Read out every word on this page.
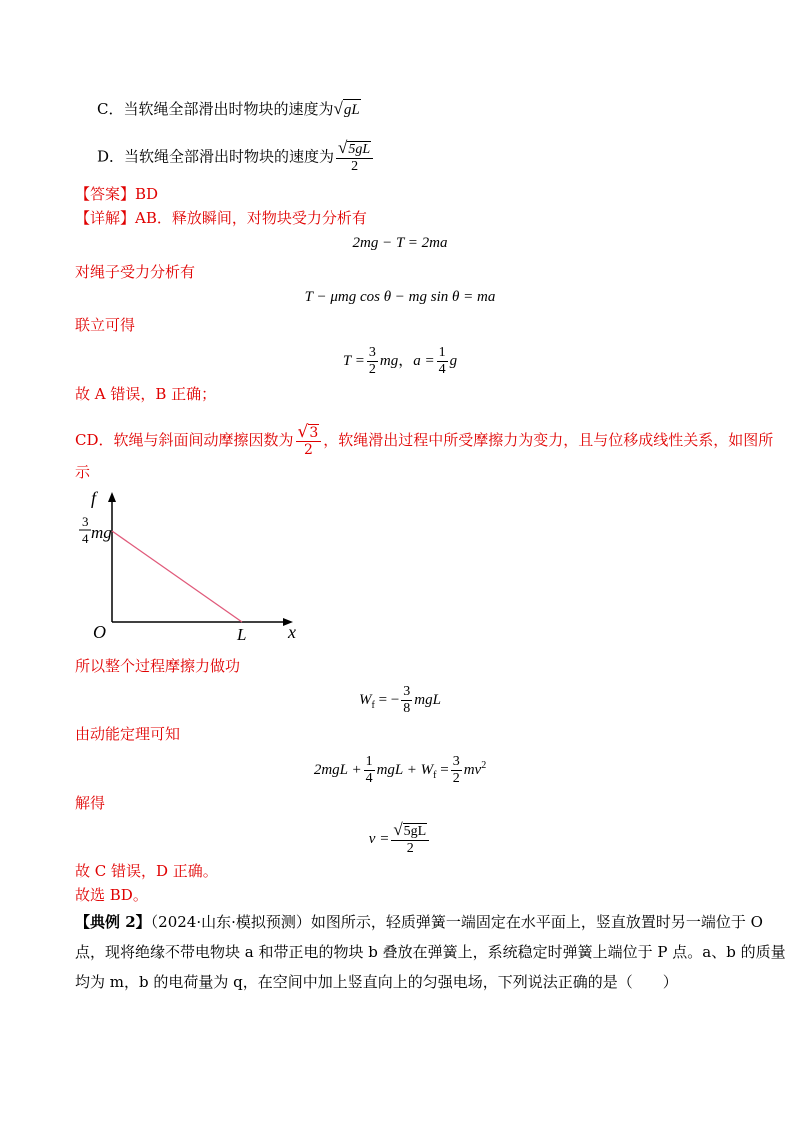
C．当软绳全部滑出时物块的速度为√gL
D．当软绳全部滑出时物块的速度为 $\frac{√5gL}{2}$
【答案】BD
【详解】AB．释放瞬间，对物块受力分析有
2mg − T = 2ma
对绳子受力分析有
T − μmg cos θ − mg sin θ = ma
联立可得
$T = \frac{3}{2}$ mg，$a = \frac{1}{4}$ g
故 A 错误，B 正确；
CD．软绳与斜面间动摩擦因数为 $\frac{√3}{2}$ ，软绳滑出过程中所受摩擦力为变力，且与位移成线性关系，如图所
示
f
x
O	L
3
4 mg
所以整个过程摩擦力做功
$W_f$ = − $\frac{3}{8}$ mgL
由动能定理可知
$2mgL + \frac{1}{4}$ mgL + $W_f = \frac{3}{2} mv^2$
解得
$v = \frac{√5gL}{2}$
故 C 错误，D 正确。
故选 BD。
【典例 2】（2024·山东·模拟预测）如图所示，轻质弹簧一端固定在水平面上，竖直放置时另一端位于 O
点，现将绝缘不带电物块 a 和带正电的物块 b 叠放在弹簧上，系统稳定时弹簧上端位于 P 点。a、b 的质量
均为 m，b 的电荷量为 q，在空间中加上竖直向上的匀强电场，下列说法正确的是（　　）
